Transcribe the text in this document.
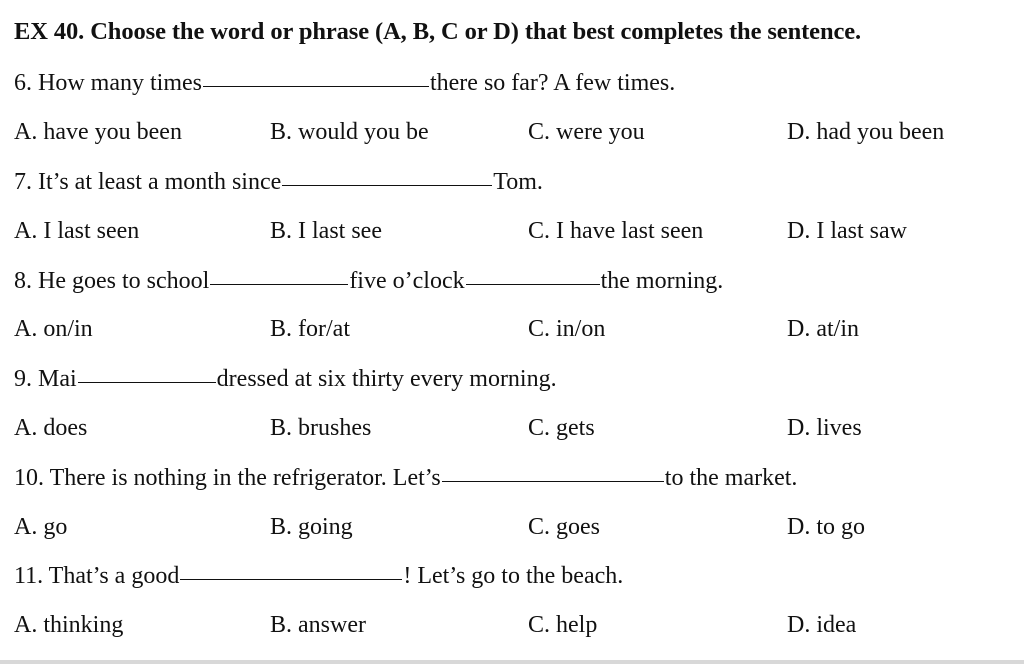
EX 40. Choose the word or phrase (A, B, C or D) that best completes the sentence.
6. How many times	there so far? A few times.
A. have you been	B. would you be	C. were you	D. had you been
7. It’s at least a month since	Tom.
A. I last seen	B. I last see	C. I have last seen	D. I last saw
8. He goes to school	five o’clock	the morning.
A. on/in	B. for/at	C. in/on	D. at/in
9. Mai	dressed at six thirty every morning.
A. does	B. brushes	C. gets	D. lives
10. There is nothing in the refrigerator. Let’s	to the market.
A. go	B. going	C. goes	D. to go
11. That’s a good	! Let’s go to the beach.
A. thinking	B. answer	C. help	D. idea
